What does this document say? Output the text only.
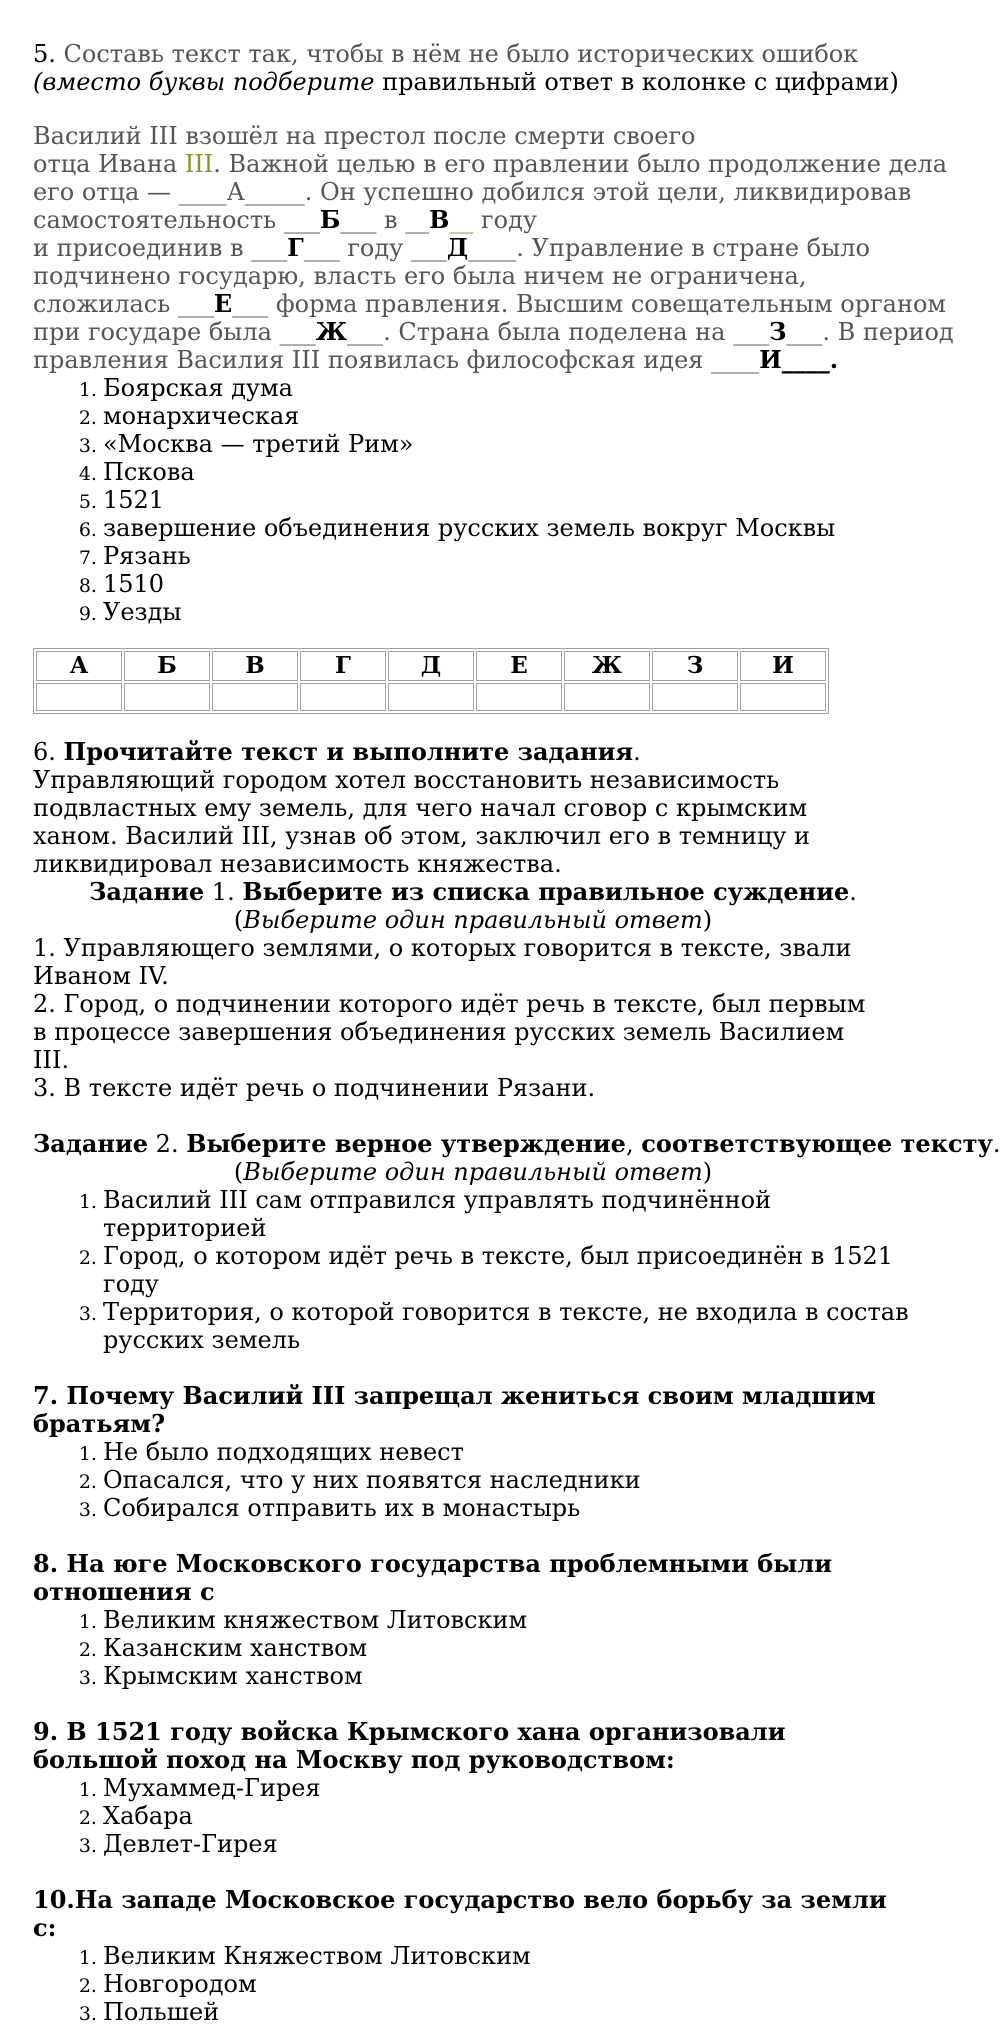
5. Составь текст так, чтобы в нём не было исторических ошибок

(вместо буквы подберите правильный ответ в колонке с цифрами)

Василий III взошёл на престол после смерти своего

отца Ивана III. Важной целью в его правлении было продолжение дела

его отца — ____А_____. Он успешно добился этой цели, ликвидировав

самостоятельность ___Б___ в __В__ году

и присоединив в ___Г___ году ___Д____. Управление в стране было

подчинено государю, власть его была ничем не ограничена,

сложилась ___Е___ форма правления. Высшим совещательным органом

при государе была ___Ж___. Страна была поделена на ___З___. В период

правления Василия III появилась философская идея ____И____.

1. Боярская дума
2. монархическая
3. «Москва — третий Рим»
4. Пскова
5. 1521
6. завершение объединения русских земель вокруг Москвы
7. Рязань
8. 1510
9. Уезды
А	Б	В	Г	Д	Е	Ж	З	И

6. Прочитайте текст и выполните задания.

Управляющий городом хотел восстановить независимость подвластных ему земель, для чего начал сговор с крымским ханом. Василий III, узнав об этом, заключил его в темницу и ликвидировал независимость княжества.

Задание 1. Выберите из списка правильное суждение.

(Выберите один правильный ответ)

1. Управляющего землями, о которых говорится в тексте, звали Иваном IV.

2. Город, о подчинении которого идёт речь в тексте, был первым в процессе завершения объединения русских земель Василием III.

3. В тексте идёт речь о подчинении Рязани.

Задание 2. Выберите верное утверждение, соответствующее тексту.

(Выберите один правильный ответ)

1. Василий III сам отправился управлять подчинённой территорией
2. Город, о котором идёт речь в тексте, был присоединён в 1521 году
3. Территория, о которой говорится в тексте, не входила в состав русских земель

7. Почему Василий III запрещал жениться своим младшим братьям?

1. Не было подходящих невест
2. Опасался, что у них появятся наследники
3. Собирался отправить их в монастырь

8. На юге Московского государства проблемными были отношения с

1. Великим княжеством Литовским
2. Казанским ханством
3. Крымским ханством

9. В 1521 году войска Крымского хана организовали большой поход на Москву под руководством:

1. Мухаммед-Гирея
2. Хабара
3. Девлет-Гирея

10.На западе Московское государство вело борьбу за земли с:

1. Великим Княжеством Литовским
2. Новгородом
3. Польшей
